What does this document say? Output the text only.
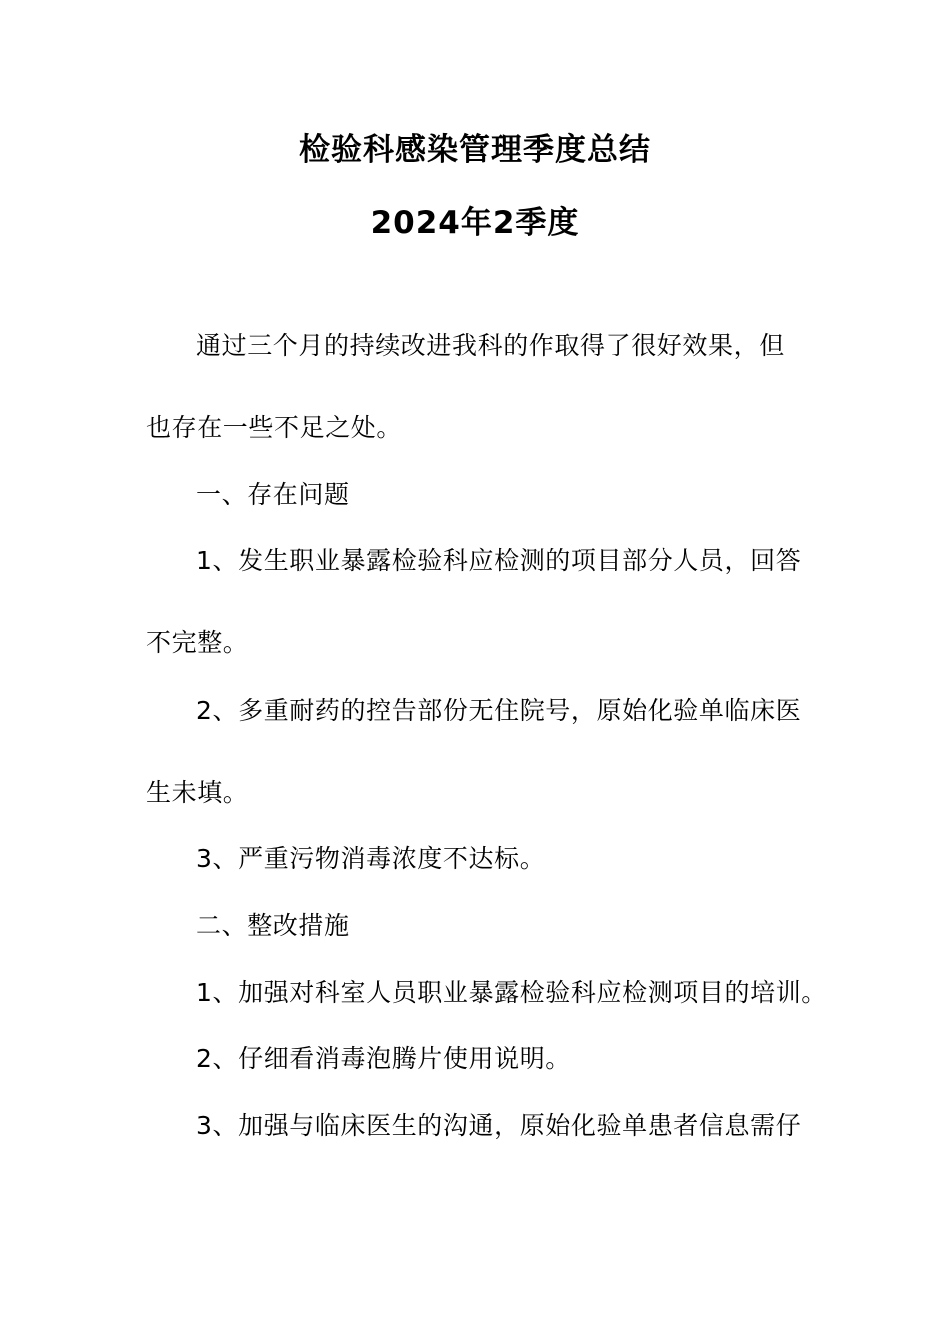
检验科感染管理季度总结
2024年2季度
通过三个月的持续改进我科的作取得了很好效果，但
也存在一些不足之处。
一、存在问题
1、发生职业暴露检验科应检测的项目部分人员，回答
不完整。
2、多重耐药的控告部份无住院号，原始化验单临床医
生未填。
3、严重污物消毒浓度不达标。
二、整改措施
1、加强对科室人员职业暴露检验科应检测项目的培训。
2、仔细看消毒泡腾片使用说明。
3、加强与临床医生的沟通，原始化验单患者信息需仔
